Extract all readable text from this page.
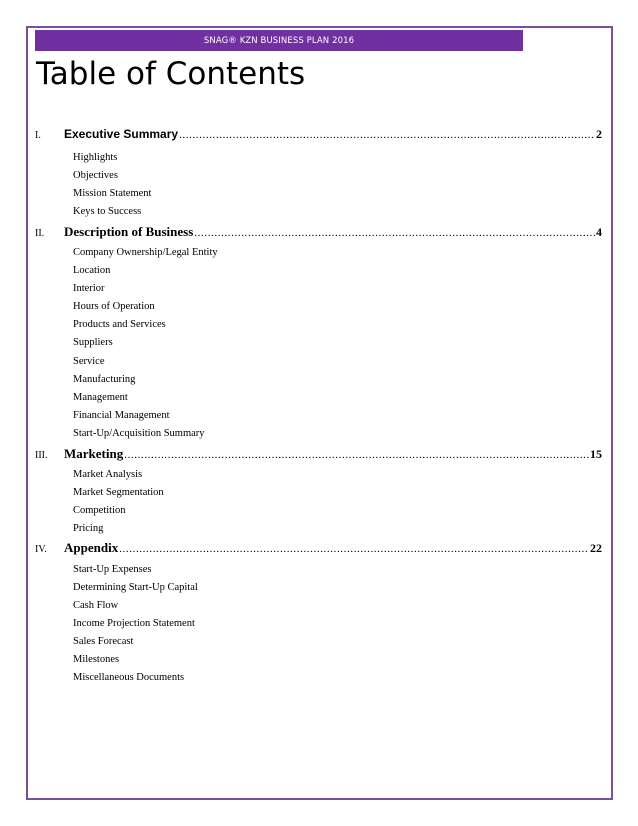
SNAG® KZN BUSINESS PLAN 2016
Table of Contents
I.	Executive Summary .....	2
Highlights
Objectives
Mission Statement
Keys to Success
II.	Description of Business .....	4
Company Ownership/Legal Entity
Location
Interior
Hours of Operation
Products and Services
Suppliers
Service
Manufacturing
Management
Financial Management
Start-Up/Acquisition Summary
III.	Marketing .....	15
Market Analysis
Market Segmentation
Competition
Pricing
IV.	Appendix .....	22
Start-Up Expenses
Determining Start-Up Capital
Cash Flow
Income Projection Statement
Sales Forecast
Milestones
Miscellaneous Documents
